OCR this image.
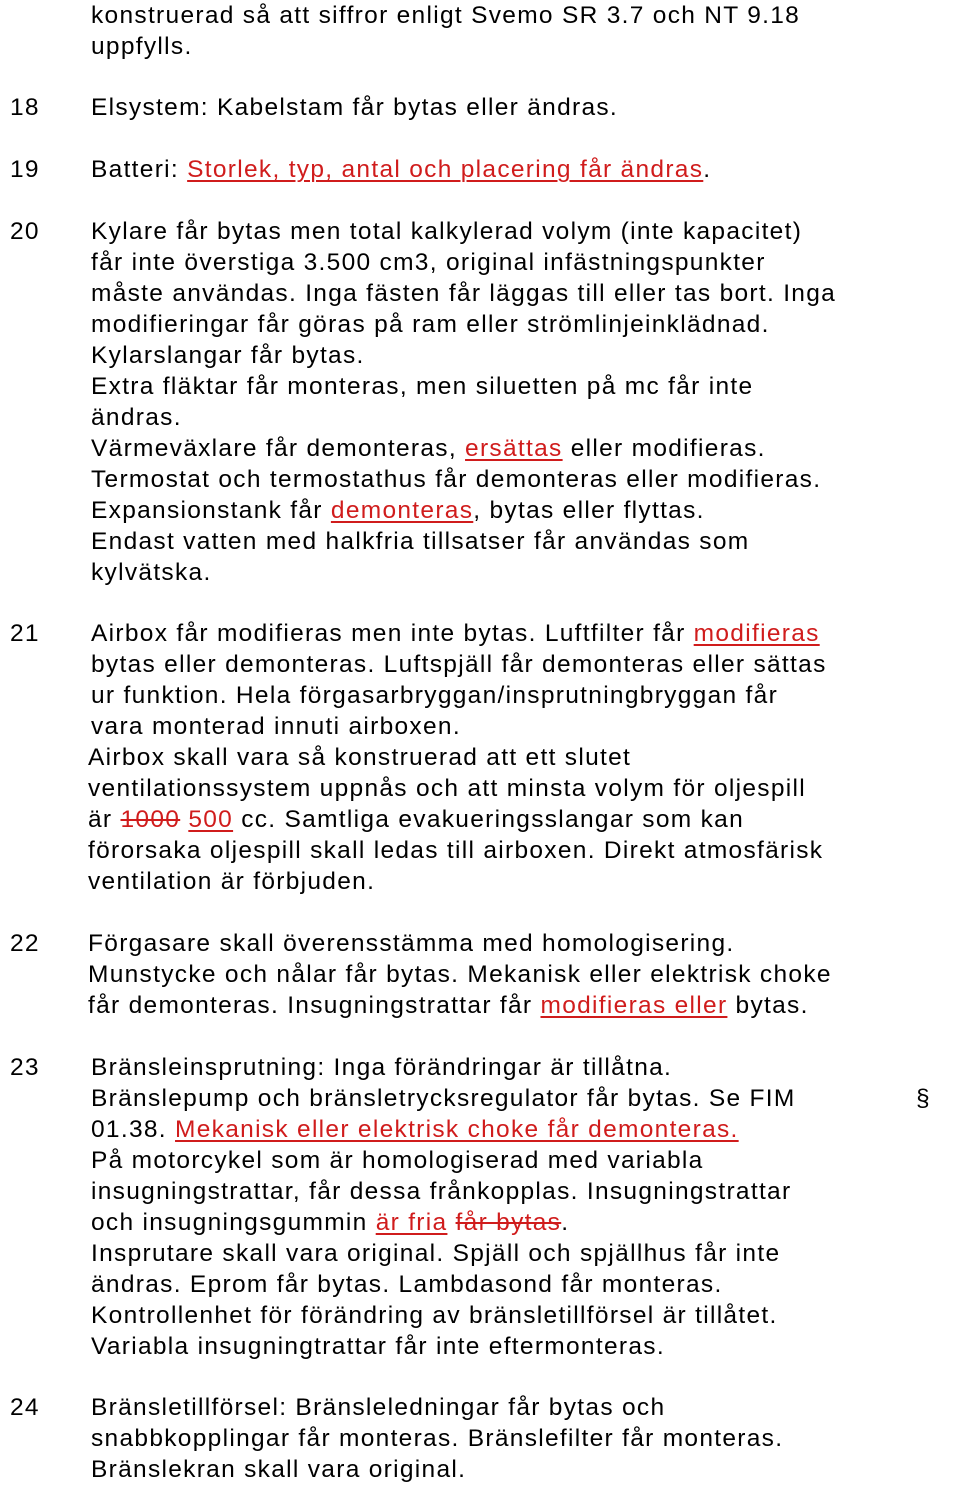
konstruerad så att siffror enligt Svemo SR 3.7 och NT 9.18
uppfylls.
18 Elsystem: Kabelstam får bytas eller ändras.
19 Batteri: Storlek, typ, antal och placering får ändras.
20 Kylare får bytas men total kalkylerad volym (inte kapacitet)
får inte överstiga 3.500 cm3, original infästningspunkter
måste användas. Inga fästen får läggas till eller tas bort. Inga
modifieringar får göras på ram eller strömlinjeinklädnad.
Kylarslangar får bytas.
Extra fläktar får monteras, men siluetten på mc får inte
ändras.
Värmeväxlare får demonteras, ersättas eller modifieras.
Termostat och termostathus får demonteras eller modifieras.
Expansionstank får demonteras, bytas eller flyttas.
Endast vatten med halkfria tillsatser får användas som
kylvätska.
21 Airbox får modifieras men inte bytas. Luftfilter får modifieras
bytas eller demonteras. Luftspjäll får demonteras eller sättas
ur funktion. Hela förgasarbryggan/insprutningbryggan får
vara monterad innuti airboxen.
Airbox skall vara så konstruerad att ett slutet
ventilationssystem uppnås och att minsta volym för oljespill
är 1000 500 cc. Samtliga evakueringsslangar som kan
förorsaka oljespill skall ledas till airboxen. Direkt atmosfärisk
ventilation är förbjuden.
22 Förgasare skall överensstämma med homologisering.
Munstycke och nålar får bytas. Mekanisk eller elektrisk choke
får demonteras. Insugningstrattar får modifieras eller bytas.
23 Bränsleinsprutning: Inga förändringar är tillåtna.
Bränslepump och bränsletrycksregulator får bytas. Se FIM	§
01.38. Mekanisk eller elektrisk choke får demonteras.
På motorcykel som är homologiserad med variabla
insugningstrattar, får dessa frånkopplas. Insugningstrattar
och insugningsgummin är fria får bytas.
Insprutare skall vara original. Spjäll och spjällhus får inte
ändras. Eprom får bytas. Lambdasond får monteras.
Kontrollenhet för förändring av bränsletillförsel är tillåtet.
Variabla insugningtrattar får inte eftermonteras.
24 Bränsletillförsel: Bränsleledningar får bytas och
snabbkopplingar får monteras. Bränslefilter får monteras.
Bränslekran skall vara original.
